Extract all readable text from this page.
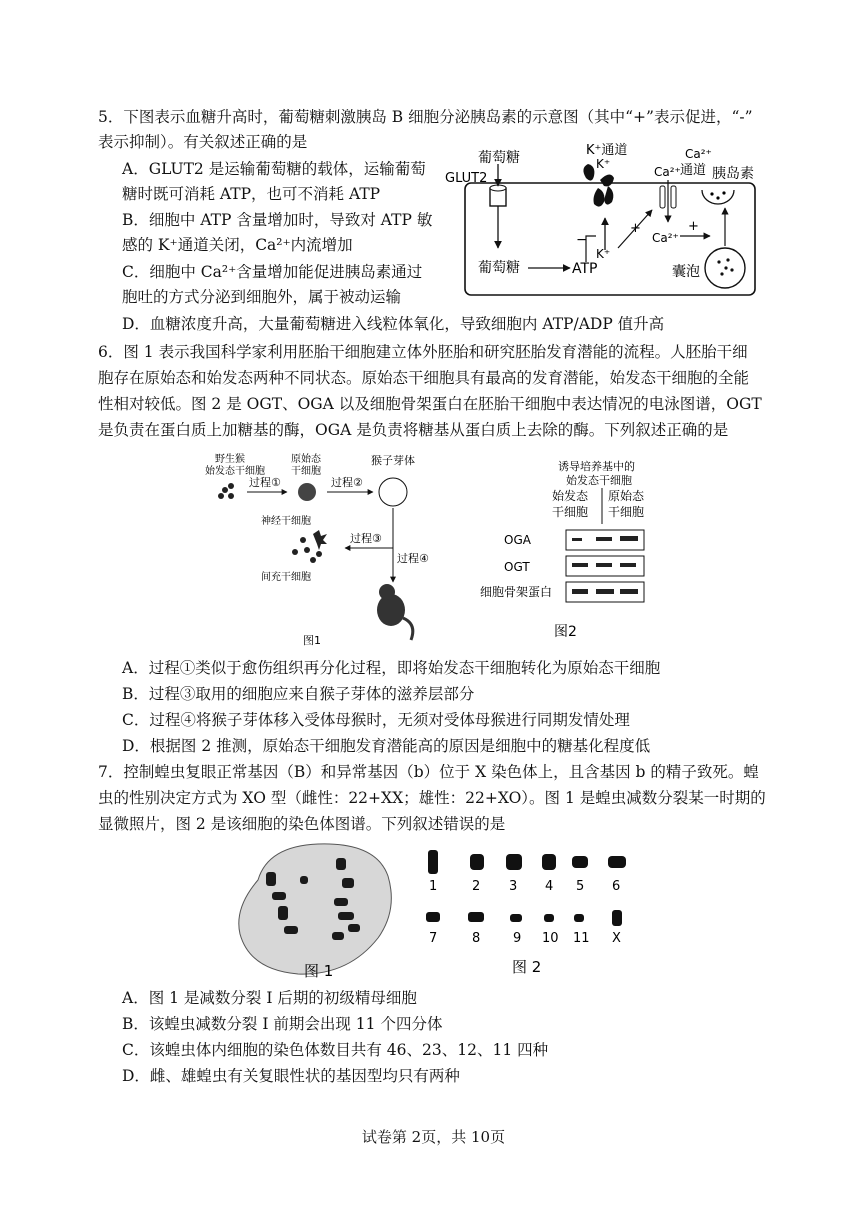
5．下图表示血糖升高时，葡萄糖刺激胰岛 B 细胞分泌胰岛素的示意图（其中“+”表示促进，“-”
表示抑制）。有关叙述正确的是
A．GLUT2 是运输葡萄糖的载体，运输葡萄
糖时既可消耗 ATP，也可不消耗 ATP
B．细胞中 ATP 含量增加时，导致对 ATP 敏
感的 K⁺通道关闭，Ca²⁺内流增加
C．细胞中 Ca²⁺含量增加能促进胰岛素通过
胞吐的方式分泌到细胞外，属于被动运输
D．血糖浓度升高，大量葡萄糖进入线粒体氧化，导致细胞内 ATP/ADP 值升高
葡萄糖
GLUT2
葡萄糖	ATP
K⁺通道
K⁺
K⁺
−
+
Ca²⁺
通道
Ca²⁺
Ca²⁺
+
胰岛素
囊泡
6．图 1 表示我国科学家利用胚胎干细胞建立体外胚胎和研究胚胎发育潜能的流程。人胚胎干细
胞存在原始态和始发态两种不同状态。原始态干细胞具有最高的发育潜能，始发态干细胞的全能
性相对较低。图 2 是 OGT、OGA 以及细胞骨架蛋白在胚胎干细胞中表达情况的电泳图谱，OGT
是负责在蛋白质上加糖基的酶，OGA 是负责将糖基从蛋白质上去除的酶。下列叙述正确的是
野生猴
始发态干细胞
过程①
原始态
干细胞
过程②
猴子芽体
过程③
过程④
神经干细胞
间充干细胞
图1
诱导培养基中的
始发态干细胞
始发态
干细胞
原始态
干细胞
OGA
OGT
细胞骨架蛋白
图2
A．过程①类似于愈伤组织再分化过程，即将始发态干细胞转化为原始态干细胞
B．过程③取用的细胞应来自猴子芽体的滋养层部分
C．过程④将猴子芽体移入受体母猴时，无须对受体母猴进行同期发情处理
D．根据图 2 推测，原始态干细胞发育潜能高的原因是细胞中的糖基化程度低
7．控制蝗虫复眼正常基因（B）和异常基因（b）位于 X 染色体上，且含基因 b 的精子致死。蝗
虫的性别决定方式为 XO 型（雌性：22+XX；雄性：22+XO）。图 1 是蝗虫减数分裂某一时期的
显微照片，图 2 是该细胞的染色体图谱。下列叙述错误的是
图 1
1	2 3 4 5 6
7	8	9 10 11 X
图 2
A．图 1 是减数分裂 I 后期的初级精母细胞
B．该蝗虫减数分裂 I 前期会出现 11 个四分体
C．该蝗虫体内细胞的染色体数目共有 46、23、12、11 四种
D．雌、雄蝗虫有关复眼性状的基因型均只有两种
试卷第 2页，共 10页
